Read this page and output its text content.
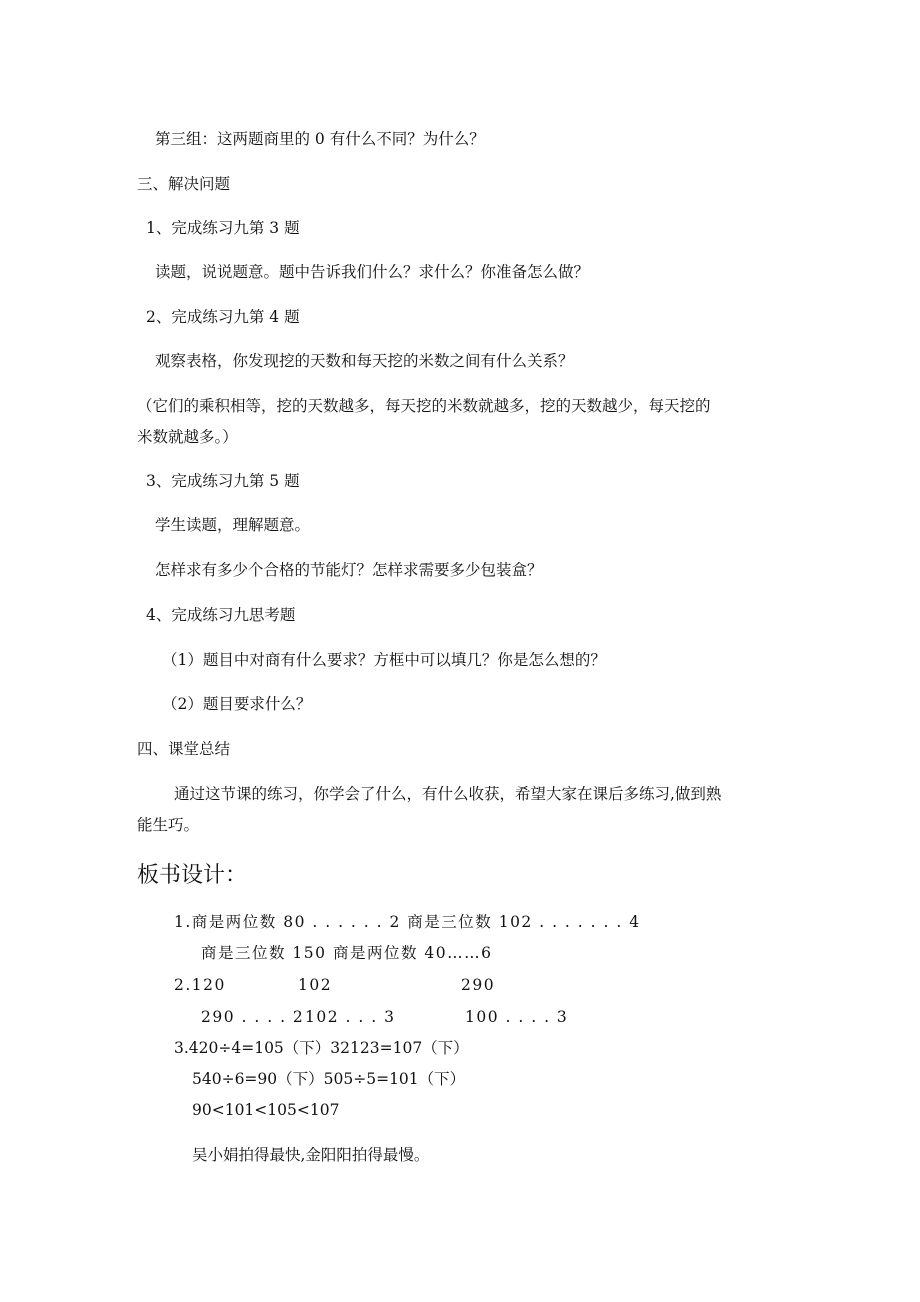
第三组：这两题商里的 0 有什么不同？为什么？
三、解决问题
1、完成练习九第 3 题
读题，说说题意。题中告诉我们什么？求什么？你准备怎么做？
2、完成练习九第 4 题
观察表格，你发现挖的天数和每天挖的米数之间有什么关系？
（它们的乘积相等，挖的天数越多，每天挖的米数就越多，挖的天数越少，每天挖的
米数就越多。）
3、完成练习九第 5 题
学生读题，理解题意。
怎样求有多少个合格的节能灯？怎样求需要多少包装盒？
4、完成练习九思考题
（1）题目中对商有什么要求？方框中可以填几？你是怎么想的？
（2）题目要求什么？
四、课堂总结
通过这节课的练习，你学会了什么，有什么收获，希望大家在课后多练习,做到熟
能生巧。
板书设计：
1.商是两位数 80 . . . . . . 2 商是三位数 102 . . . . . . . 4
商是三位数 150 商是两位数 40……6
2.120	102	290
290 . . . . 2 102 . . . 3	100 . . . . 3
3.420÷4=105（下）32123=107（下）
540÷6=90（下）505÷5=101（下）
90<101<105<107
吴小娟拍得最快,金阳阳拍得最慢。
